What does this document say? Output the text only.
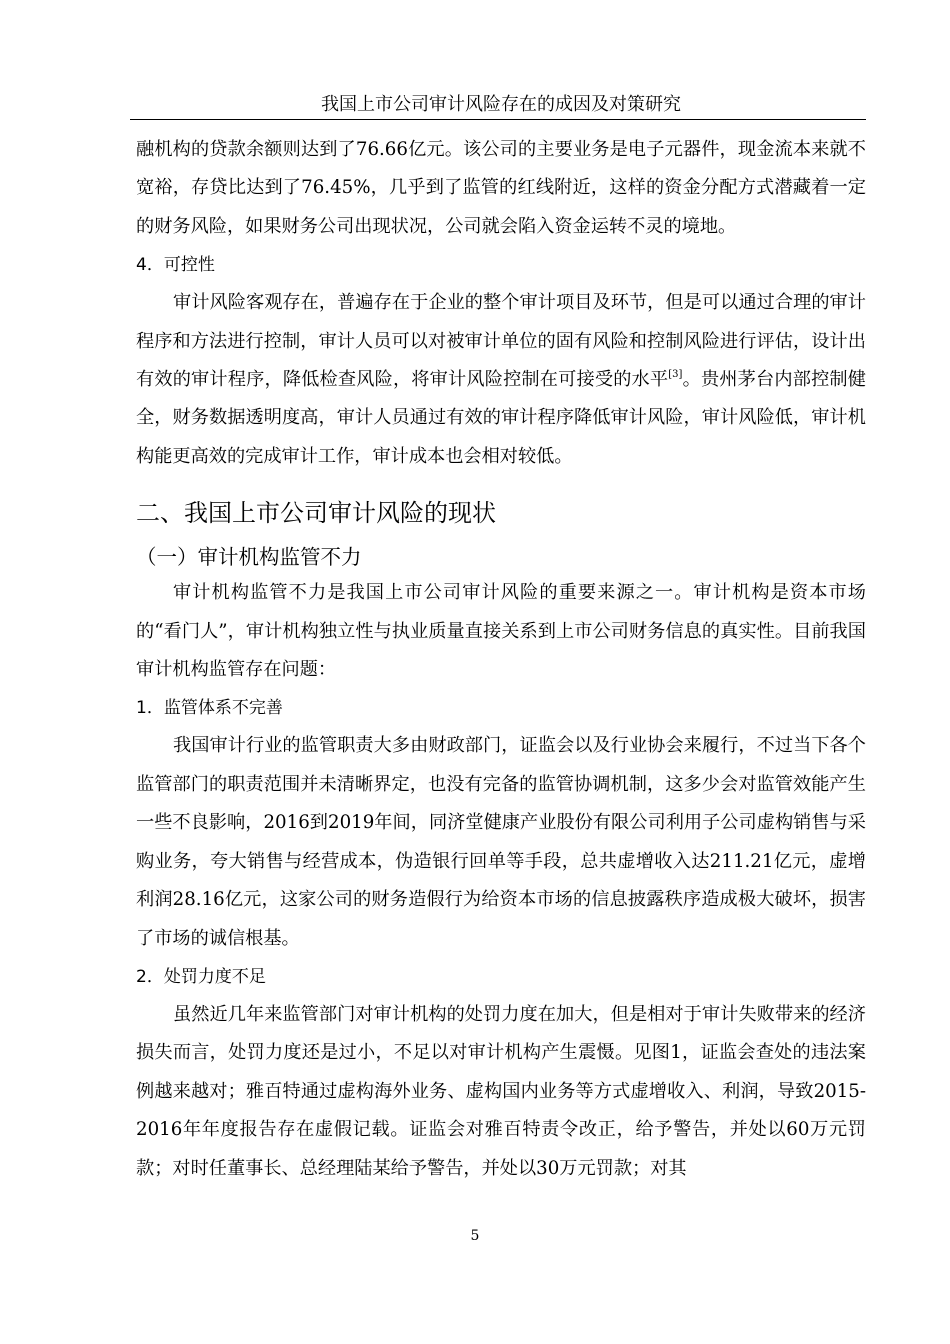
我国上市公司审计风险存在的成因及对策研究

融机构的贷款余额则达到了76.66亿元。该公司的主要业务是电子元器件，现金流本来就不宽裕，存贷比达到了76.45%，几乎到了监管的红线附近，这样的资金分配方式潜藏着一定的财务风险，如果财务公司出现状况，公司就会陷入资金运转不灵的境地。

4．可控性

审计风险客观存在，普遍存在于企业的整个审计项目及环节，但是可以通过合理的审计程序和方法进行控制，审计人员可以对被审计单位的固有风险和控制风险进行评估，设计出有效的审计程序，降低检查风险，将审计风险控制在可接受的水平[3]。贵州茅台内部控制健全，财务数据透明度高，审计人员通过有效的审计程序降低审计风险，审计风险低，审计机构能更高效的完成审计工作，审计成本也会相对较低。

二、我国上市公司审计风险的现状

（一）审计机构监管不力

审计机构监管不力是我国上市公司审计风险的重要来源之一。审计机构是资本市场的“看门人”，审计机构独立性与执业质量直接关系到上市公司财务信息的真实性。目前我国审计机构监管存在问题：

1．监管体系不完善

我国审计行业的监管职责大多由财政部门，证监会以及行业协会来履行，不过当下各个监管部门的职责范围并未清晰界定，也没有完备的监管协调机制，这多少会对监管效能产生一些不良影响，2016到2019年间，同济堂健康产业股份有限公司利用子公司虚构销售与采购业务，夸大销售与经营成本，伪造银行回单等手段，总共虚增收入达211.21亿元，虚增利润28.16亿元，这家公司的财务造假行为给资本市场的信息披露秩序造成极大破坏，损害了市场的诚信根基。

2．处罚力度不足

虽然近几年来监管部门对审计机构的处罚力度在加大，但是相对于审计失败带来的经济损失而言，处罚力度还是过小，不足以对审计机构产生震慑。见图1，证监会查处的违法案例越来越对；雅百特通过虚构海外业务、虚构国内业务等方式虚增收入、利润，导致2015-2016年年度报告存在虚假记载。证监会对雅百特责令改正，给予警告，并处以60万元罚款；对时任董事长、总经理陆某给予警告，并处以30万元罚款；对其

5
